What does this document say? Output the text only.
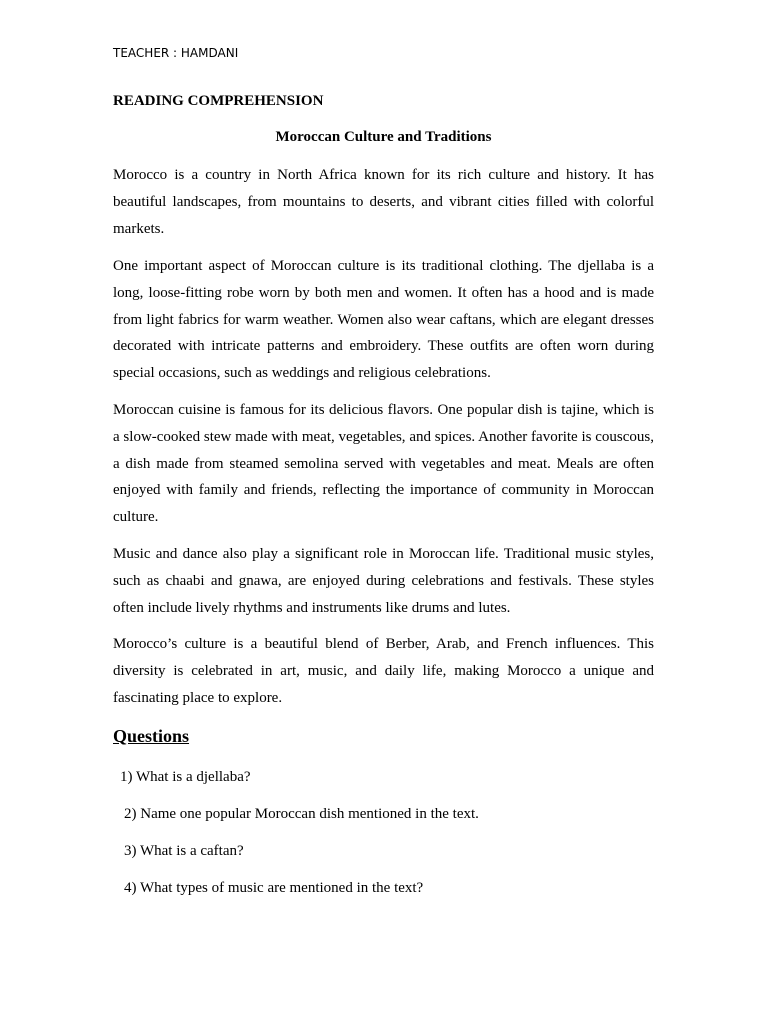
TEACHER : HAMDANI
READING COMPREHENSION
Moroccan Culture and Traditions

Morocco is a country in North Africa known for its rich culture and history. It has beautiful landscapes, from mountains to deserts, and vibrant cities filled with colorful markets.

One important aspect of Moroccan culture is its traditional clothing. The djellaba is a long, loose-fitting robe worn by both men and women. It often has a hood and is made from light fabrics for warm weather. Women also wear caftans, which are elegant dresses decorated with intricate patterns and embroidery. These outfits are often worn during special occasions, such as weddings and religious celebrations.

Moroccan cuisine is famous for its delicious flavors. One popular dish is tajine, which is a slow-cooked stew made with meat, vegetables, and spices. Another favorite is couscous, a dish made from steamed semolina served with vegetables and meat. Meals are often enjoyed with family and friends, reflecting the importance of community in Moroccan culture.

Music and dance also play a significant role in Moroccan life. Traditional music styles, such as chaabi and gnawa, are enjoyed during celebrations and festivals. These styles often include lively rhythms and instruments like drums and lutes.

Morocco’s culture is a beautiful blend of Berber, Arab, and French influences. This diversity is celebrated in art, music, and daily life, making Morocco a unique and fascinating place to explore.

Questions
1) What is a djellaba?
2) Name one popular Moroccan dish mentioned in the text.
3) What is a caftan?
4) What types of music are mentioned in the text?
